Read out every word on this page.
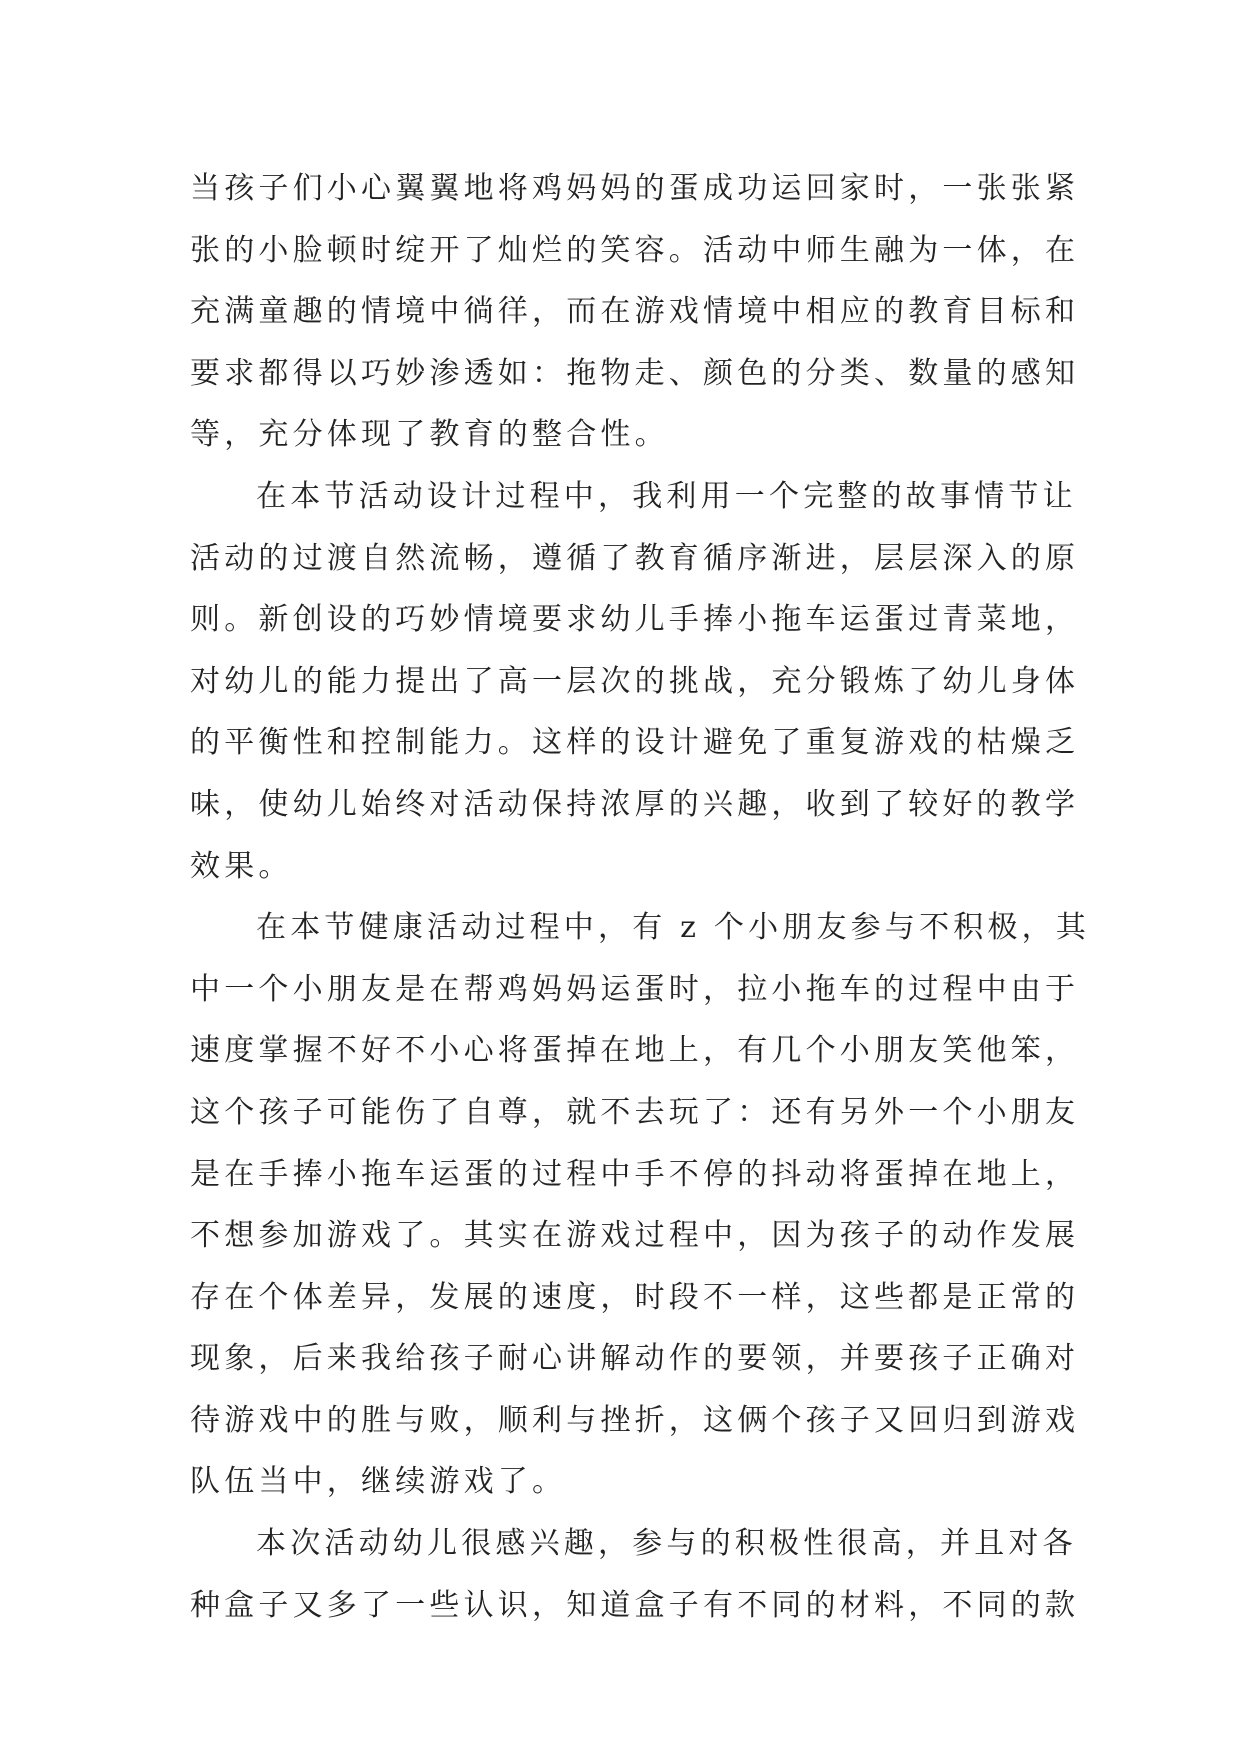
当孩子们小心翼翼地将鸡妈妈的蛋成功运回家时，一张张紧
张的小脸顿时绽开了灿烂的笑容。活动中师生融为一体，在
充满童趣的情境中徜徉，而在游戏情境中相应的教育目标和
要求都得以巧妙渗透如：拖物走、颜色的分类、数量的感知
等，充分体现了教育的整合性。
在本节活动设计过程中，我利用一个完整的故事情节让
活动的过渡自然流畅，遵循了教育循序渐进，层层深入的原
则。新创设的巧妙情境要求幼儿手捧小拖车运蛋过青菜地，
对幼儿的能力提出了高一层次的挑战，充分锻炼了幼儿身体
的平衡性和控制能力。这样的设计避免了重复游戏的枯燥乏
味，使幼儿始终对活动保持浓厚的兴趣，收到了较好的教学
效果。
在本节健康活动过程中，有 z 个小朋友参与不积极，其
中一个小朋友是在帮鸡妈妈运蛋时，拉小拖车的过程中由于
速度掌握不好不小心将蛋掉在地上，有几个小朋友笑他笨，
这个孩子可能伤了自尊，就不去玩了：还有另外一个小朋友
是在手捧小拖车运蛋的过程中手不停的抖动将蛋掉在地上，
不想参加游戏了。其实在游戏过程中，因为孩子的动作发展
存在个体差异，发展的速度，时段不一样，这些都是正常的
现象，后来我给孩子耐心讲解动作的要领，并要孩子正确对
待游戏中的胜与败，顺利与挫折，这俩个孩子又回归到游戏
队伍当中，继续游戏了。
本次活动幼儿很感兴趣，参与的积极性很高，并且对各
种盒子又多了一些认识，知道盒子有不同的材料，不同的款
